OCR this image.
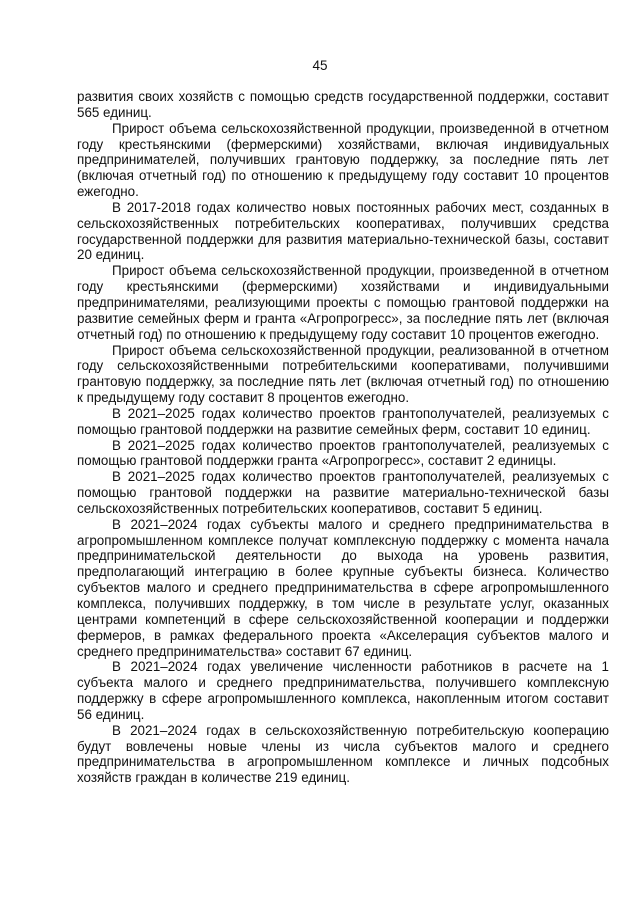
45

развития своих хозяйств с помощью средств государственной поддержки, составит 565 единиц.

Прирост объема сельскохозяйственной продукции, произведенной в отчетном году крестьянскими (фермерскими) хозяйствами, включая индивидуальных предпринимателей, получивших грантовую поддержку, за последние пять лет (включая отчетный год) по отношению к предыдущему году составит 10 процентов ежегодно.

В 2017-2018 годах количество новых постоянных рабочих мест, созданных в сельскохозяйственных потребительских кооперативах, получивших средства государственной поддержки для развития материально-технической базы, составит 20 единиц.

Прирост объема сельскохозяйственной продукции, произведенной в отчетном году крестьянскими (фермерскими) хозяйствами и индивидуальными предпринимателями, реализующими проекты с помощью грантовой поддержки на развитие семейных ферм и гранта «Агропрогресс», за последние пять лет (включая отчетный год) по отношению к предыдущему году составит 10 процентов ежегодно.

Прирост объема сельскохозяйственной продукции, реализованной в отчетном году сельскохозяйственными потребительскими кооперативами, получившими грантовую поддержку, за последние пять лет (включая отчетный год) по отношению к предыдущему году составит 8 процентов ежегодно.

В 2021–2025 годах количество проектов грантополучателей, реализуемых с помощью грантовой поддержки на развитие семейных ферм, составит 10 единиц.

В 2021–2025 годах количество проектов грантополучателей, реализуемых с помощью грантовой поддержки гранта «Агропрогресс», составит 2 единицы.

В 2021–2025 годах количество проектов грантополучателей, реализуемых с помощью грантовой поддержки на развитие материально-технической базы сельскохозяйственных потребительских кооперативов, составит 5 единиц.

В 2021–2024 годах субъекты малого и среднего предпринимательства в агропромышленном комплексе получат комплексную поддержку с момента начала предпринимательской деятельности до выхода на уровень развития, предполагающий интеграцию в более крупные субъекты бизнеса. Количество субъектов малого и среднего предпринимательства в сфере агропромышленного комплекса, получивших поддержку, в том числе в результате услуг, оказанных центрами компетенций в сфере сельскохозяйственной кооперации и поддержки фермеров, в рамках федерального проекта «Акселерация субъектов малого и среднего предпринимательства» составит 67 единиц.

В 2021–2024 годах увеличение численности работников в расчете на 1 субъекта малого и среднего предпринимательства, получившего комплексную поддержку в сфере агропромышленного комплекса, накопленным итогом составит 56 единиц.

В 2021–2024 годах в сельскохозяйственную потребительскую кооперацию будут вовлечены новые члены из числа субъектов малого и среднего предпринимательства в агропромышленном комплексе и личных подсобных хозяйств граждан в количестве 219 единиц.
